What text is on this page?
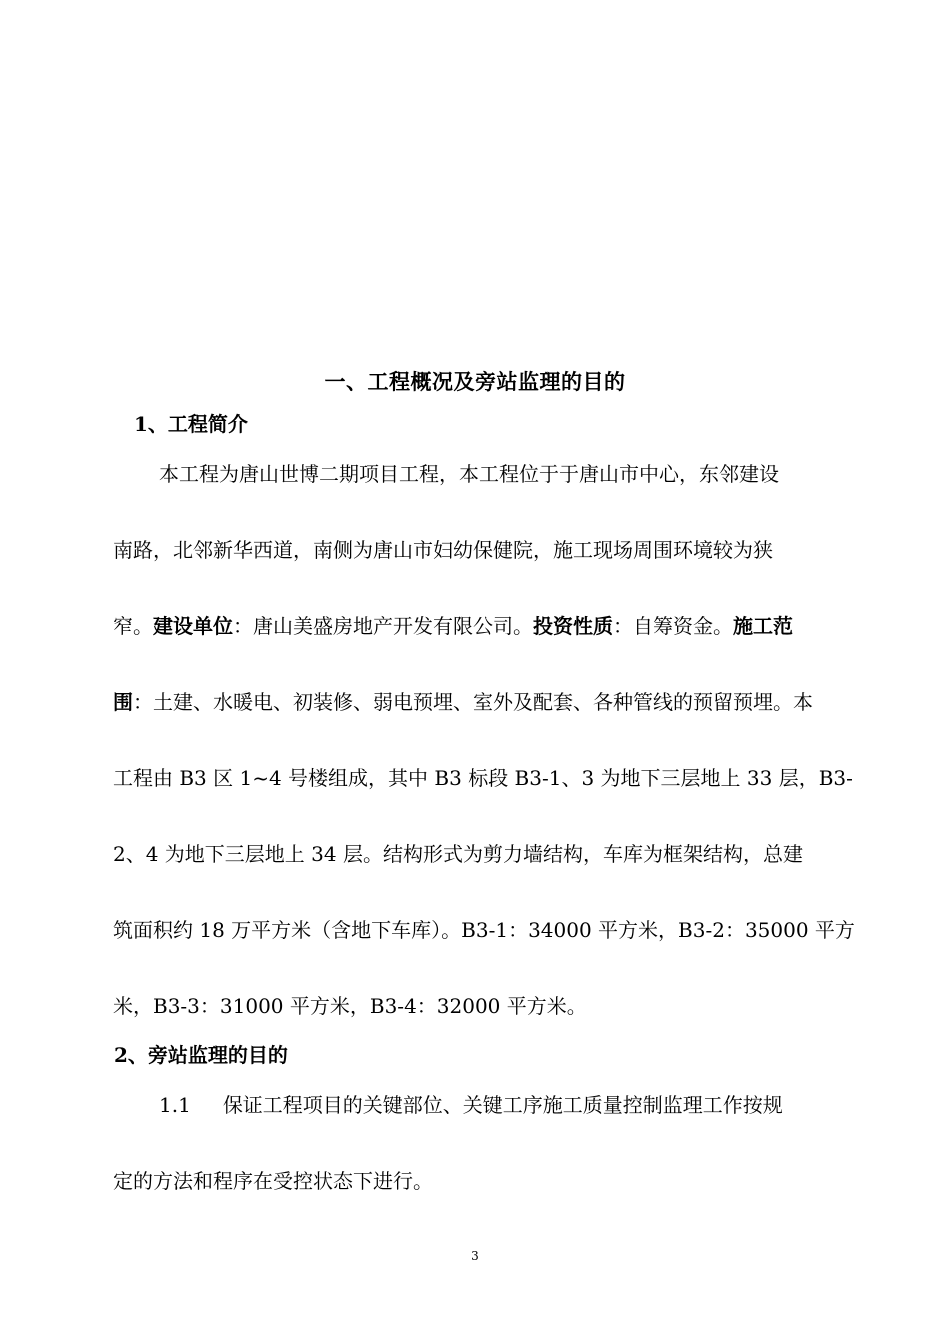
一、工程概况及旁站监理的目的
1、工程简介
本工程为唐山世博二期项目工程，本工程位于于唐山市中心，东邻建设
南路，北邻新华西道，南侧为唐山市妇幼保健院，施工现场周围环境较为狭
窄。建设单位：唐山美盛房地产开发有限公司。投资性质：自筹资金。施工范
围：土建、水暖电、初装修、弱电预埋、室外及配套、各种管线的预留预埋。本
工程由 B3 区 1~4 号楼组成，其中 B3 标段 B3-1、3 为地下三层地上 33 层，B3-
2、4 为地下三层地上 34 层。结构形式为剪力墙结构，车库为框架结构，总建
筑面积约 18 万平方米（含地下车库）。B3-1：34000 平方米，B3-2：35000 平方
米，B3-3：31000 平方米，B3-4：32000 平方米。
2、旁站监理的目的
1.1 保证工程项目的关键部位、关键工序施工质量控制监理工作按规
定的方法和程序在受控状态下进行。
3
